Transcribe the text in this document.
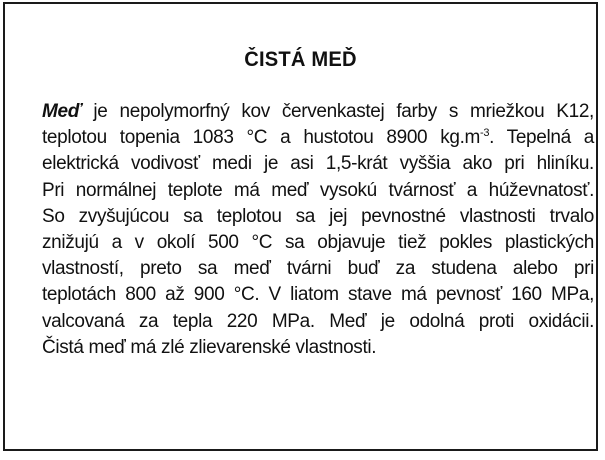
ČISTÁ MEĎ
Meď je nepolymorfný kov červenkastej farby s mriežkou K12,
teplotou topenia 1083 °C a hustotou 8900 $kg.m^{-3}$. Tepelná a
elektrická vodivosť medi je asi 1,5-krát vyššia ako pri hliníku.
Pri normálnej teplote má meď vysokú tvárnosť a húževnatosť.
So zvyšujúcou sa teplotou sa jej pevnostné vlastnosti trvalo
znižujú a v okolí 500 °C sa objavuje tiež pokles plastických
vlastností, preto sa meď tvárni buď za studena alebo pri
teplotách 800 až 900 °C. V liatom stave má pevnosť 160 MPa,
valcovaná za tepla 220 MPa. Meď je odolná proti oxidácii.
Čistá meď má zlé zlievarenské vlastnosti.
